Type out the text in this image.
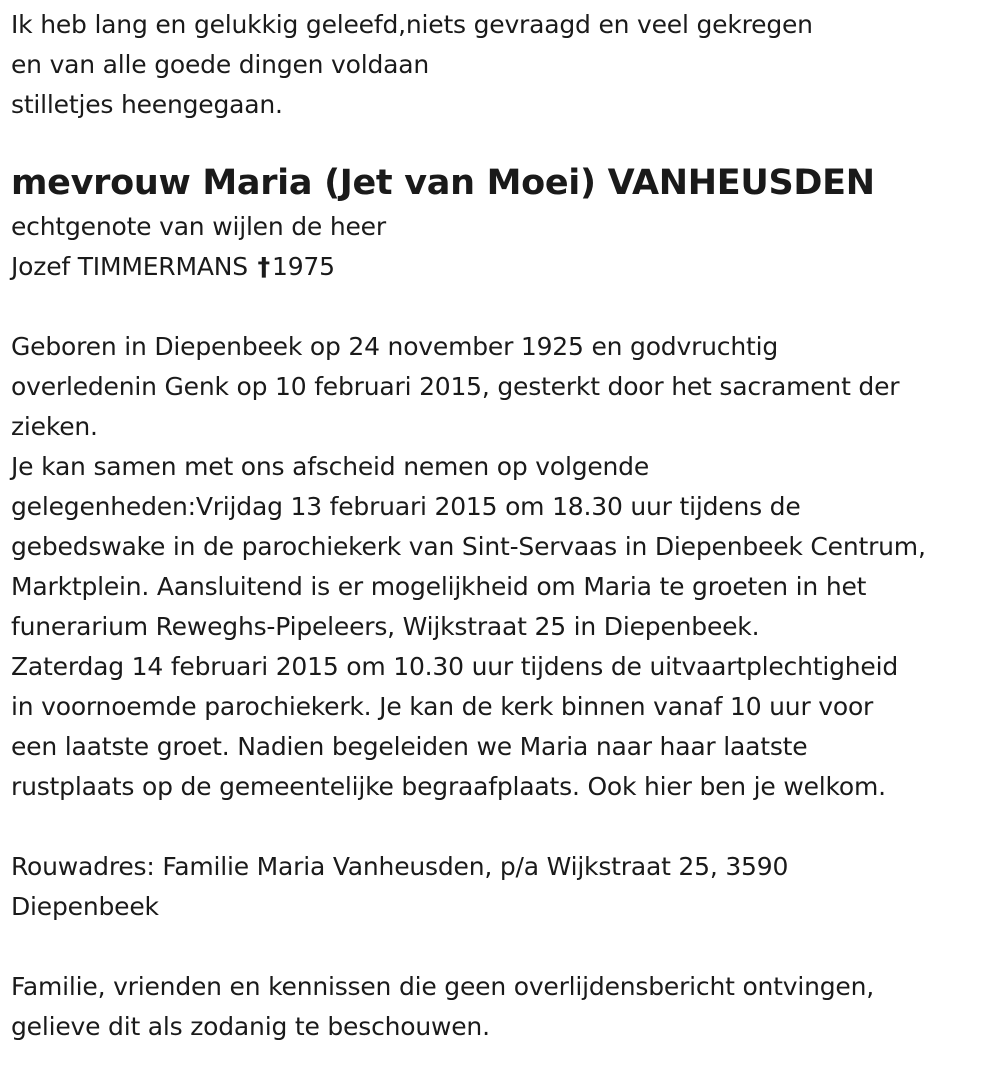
Ik heb lang en gelukkig geleefd,niets gevraagd en veel gekregen
en van alle goede dingen voldaan
stilletjes heengegaan.
mevrouw Maria (Jet van Moei) VANHEUSDEN
echtgenote van wijlen de heer
Jozef TIMMERMANS †1975
Geboren in Diepenbeek op 24 november 1925 en godvruchtig
overledenin Genk op 10 februari 2015, gesterkt door het sacrament der
zieken.
Je kan samen met ons afscheid nemen op volgende
gelegenheden:Vrijdag 13 februari 2015 om 18.30 uur tijdens de
gebedswake in de parochiekerk van Sint-Servaas in Diepenbeek Centrum,
Marktplein. Aansluitend is er mogelijkheid om Maria te groeten in het
funerarium Reweghs-Pipeleers, Wijkstraat 25 in Diepenbeek.
Zaterdag 14 februari 2015 om 10.30 uur tijdens de uitvaartplechtigheid
in voornoemde parochiekerk. Je kan de kerk binnen vanaf 10 uur voor
een laatste groet. Nadien begeleiden we Maria naar haar laatste
rustplaats op de gemeentelijke begraafplaats. Ook hier ben je welkom.
Rouwadres: Familie Maria Vanheusden, p/a Wijkstraat 25, 3590
Diepenbeek
Familie, vrienden en kennissen die geen overlijdensbericht ontvingen,
gelieve dit als zodanig te beschouwen.
